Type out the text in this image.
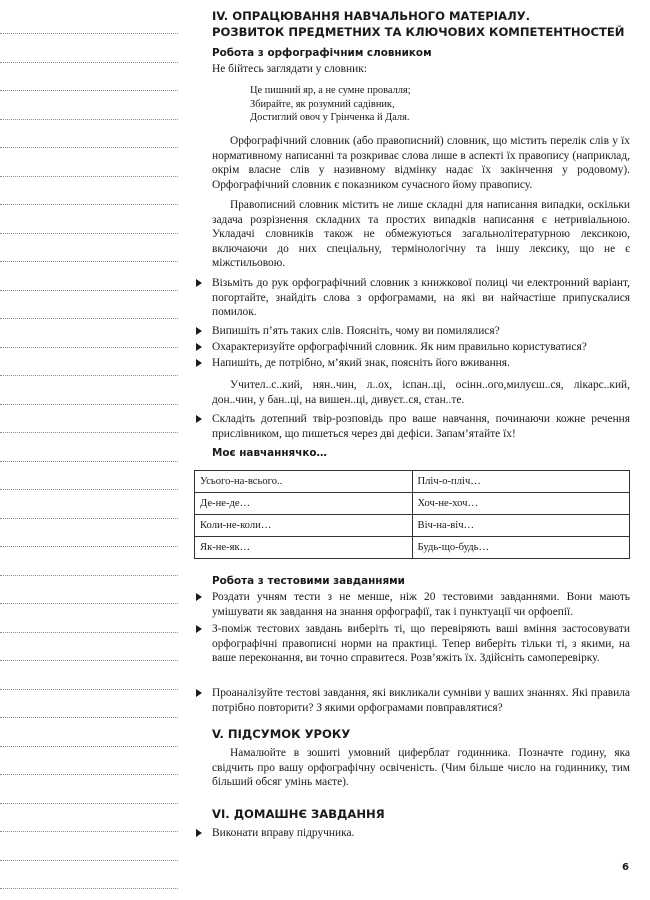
IV. ОПРАЦЮВАННЯ НАВЧАЛЬНОГО МАТЕРІАЛУ.
РОЗВИТОК ПРЕДМЕТНИХ ТА КЛЮЧОВИХ КОМПЕТЕНТНОСТЕЙ
Робота з орфографічним словником
Не бійтесь заглядати у словник:
Це пишний яр, а не сумне провалля;
Збирайте, як розумний садівник,
Достиглий овоч у Грінченка й Даля.
Орфографічний словник (або правописний) словник, що містить перелік слів у їх нормативному написанні та розкриває слова лише в аспекті їх правопису (наприклад, окрім власне слів у називному відмінку надає їх закінчення у родовому). Орфографічний словник є показником сучасного йому правопису.
Правописний словник містить не лише складні для написання випадки, оскільки задача розрізнення складних та простих випадків написання є нетривіальною. Укладачі словників також не обмежуються загальнолітературною лексикою, включаючи до них спеціальну, термінологічну та іншу лексику, що не є міжстильовою.
Візьміть до рук орфографічний словник з книжкової полиці чи електронний варіант, погортайте, знайдіть слова з орфограмами, на які ви найчастіше припускалися помилок.
Випишіть п’ять таких слів. Поясніть, чому ви помилялися?
Охарактеризуйте орфографічний словник. Як ним правильно користуватися?
Напишіть, де потрібно, м’який знак, поясніть його вживання.
Учител..с..кий, нян..чин, л..ох, іспан..ці, осінн..ого,милуєш..ся, лікарс..кий, дон..чин, у бан..ці, на вишен..ці, дивуєт..ся, стан..те.
Складіть дотепний твір-розповідь про ваше навчання, починаючи кожне речення прислівником, що пишеться через дві дефіси. Запам’ятайте їх!
Моє навчаннячко…
Усього-на-всього..	Пліч-о-пліч…
Де-не-де…	Хоч-не-хоч…
Коли-не-коли…	Віч-на-віч…
Як-не-як…	Будь-що-будь…
Робота з тестовими завданнями
Роздати учням тести з не менше, ніж 20 тестовими завданнями. Вони мають умішувати як завдання на знання орфографії, так і пунктуації чи орфоепії.
З-поміж тестових завдань виберіть ті, що перевіряють ваші вміння застосовувати орфографічні правописні норми на практиці. Тепер виберіть тільки ті, з якими, на ваше переконання, ви точно справитеся. Розв’яжіть їх. Здійсніть самоперевірку.
Проаналізуйте тестові завдання, які викликали сумніви у ваших знаннях. Які правила потрібно повторити? З якими орфограмами повправлятися?
V. ПІДСУМОК УРОКУ
Намалюйте в зошиті умовний циферблат годинника. Позначте годину, яка свідчить про вашу орфографічну освіченість. (Чим більше число на годиннику, тим більший обсяг умінь маєте).
VI. ДОМАШНЄ ЗАВДАННЯ
Виконати вправу підручника.
6
